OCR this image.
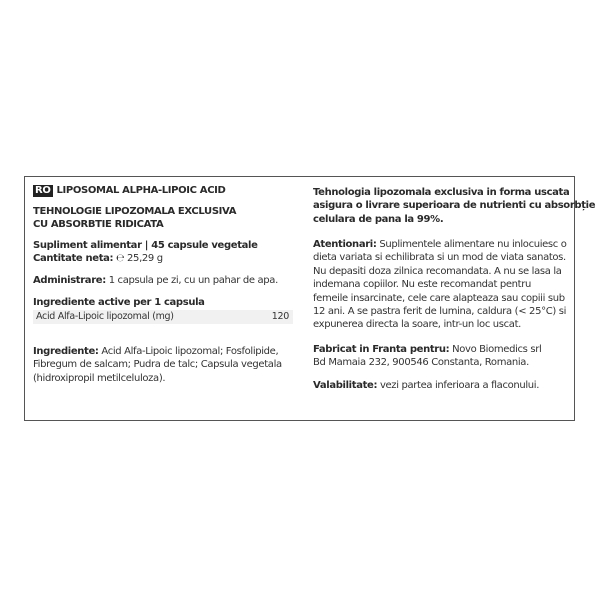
RO LIPOSOMAL ALPHA-LIPOIC ACID
TEHNOLOGIE LIPOZOMALA EXCLUSIVA
CU ABSORBTIE RIDICATA
Supliment alimentar | 45 capsule vegetale
Cantitate neta: ℮ 25,29 g
Administrare: 1 capsula pe zi, cu un pahar de apa.
Ingrediente active per 1 capsula
Acid Alfa-Lipoic lipozomal (mg)	120
Ingrediente: Acid Alfa-Lipoic lipozomal; Fosfolipide,
Fibregum de salcam; Pudra de talc; Capsula vegetala
(hidroxipropil metilceluloza).
Tehnologia lipozomala exclusiva in forma uscata
asigura o livrare superioara de nutrienti cu absorbție
celulara de pana la 99%.
Atentionari: Suplimentele alimentare nu inlocuiesc o
dieta variata si echilibrata si un mod de viata sanatos.
Nu depasiti doza zilnica recomandata. A nu se lasa la
indemana copiilor. Nu este recomandat pentru
femeile insarcinate, cele care alapteaza sau copiii sub
12 ani. A se pastra ferit de lumina, caldura (< 25°C) si
expunerea directa la soare, intr-un loc uscat.
Fabricat in Franta pentru: Novo Biomedics srl
Bd Mamaia 232, 900546 Constanta, Romania.
Valabilitate: vezi partea inferioara a flaconului.
